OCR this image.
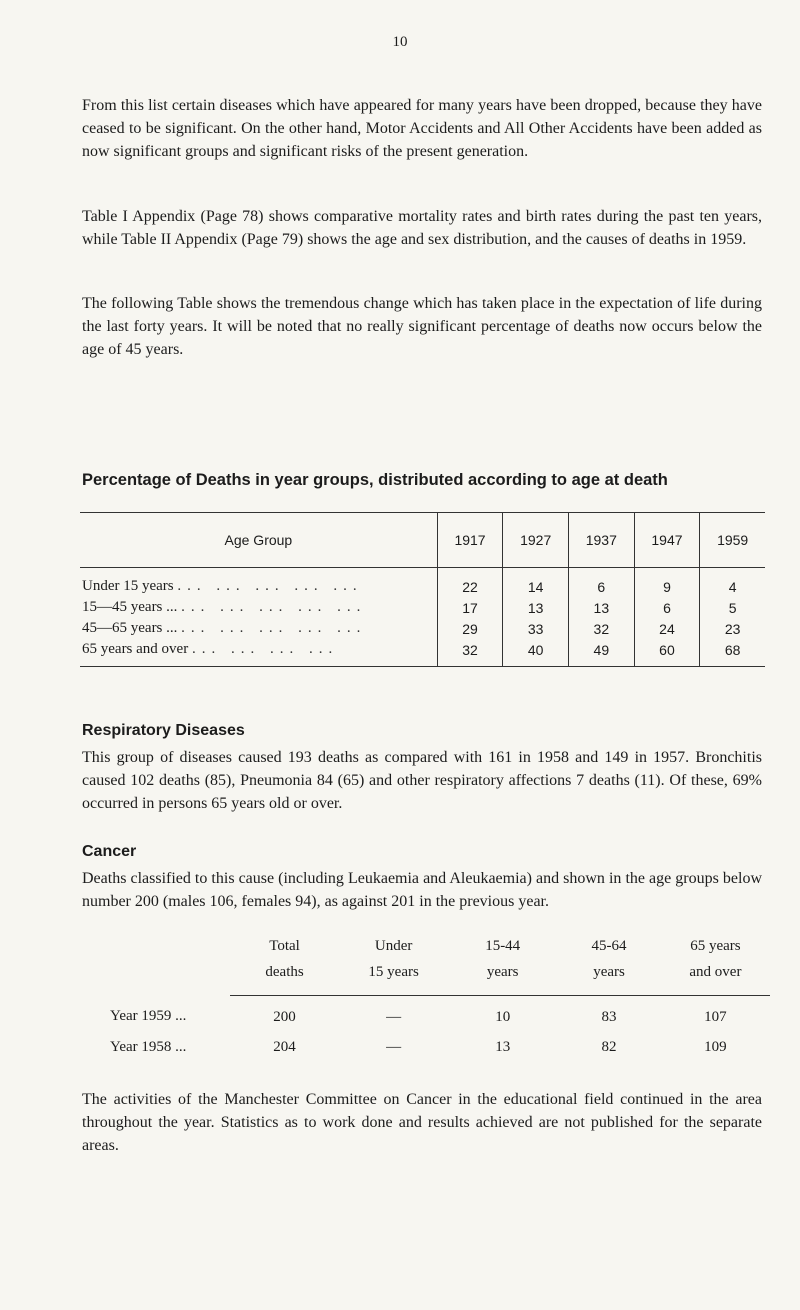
10

From this list certain diseases which have appeared for many years have been dropped, because they have ceased to be significant. On the other hand, Motor Accidents and All Other Accidents have been added as now significant groups and significant risks of the present generation.

Table I Appendix (Page 78) shows comparative mortality rates and birth rates during the past ten years, while Table II Appendix (Page 79) shows the age and sex distribution, and the causes of deaths in 1959.

The following Table shows the tremendous change which has taken place in the expectation of life during the last forty years. It will be noted that no really significant percentage of deaths now occurs below the age of 45 years.

Percentage of Deaths in year groups, distributed according to age at death
Age Group	1917	1927	1937	1947	1959
Under 15 years ... ... ... ... ...	22	14	6	9	4
15—45 years ... ... ... ... ... ...	17	13	13	6	5
45—65 years ... ... ... ... ... ...	29	33	32	24	23
65 years and over ... ... ... ...	32	40	49	60	68

Respiratory Diseases

This group of diseases caused 193 deaths as compared with 161 in 1958 and 149 in 1957. Bronchitis caused 102 deaths (85), Pneumonia 84 (65) and other respiratory affections 7 deaths (11). Of these, 69% occurred in persons 65 years old or over.

Cancer

Deaths classified to this cause (including Leukaemia and Aleukaemia) and shown in the age groups below number 200 (males 106, females 94), as against 201 in the previous year.

	Total	Under	15-44	45-64	65 years
	deaths	15 years	years	years	and over
Year 1959 ...	200	—	10	83	107
Year 1958 ...	204	—	13	82	109

The activities of the Manchester Committee on Cancer in the educational field continued in the area throughout the year. Statistics as to work done and results achieved are not published for the separate areas.
